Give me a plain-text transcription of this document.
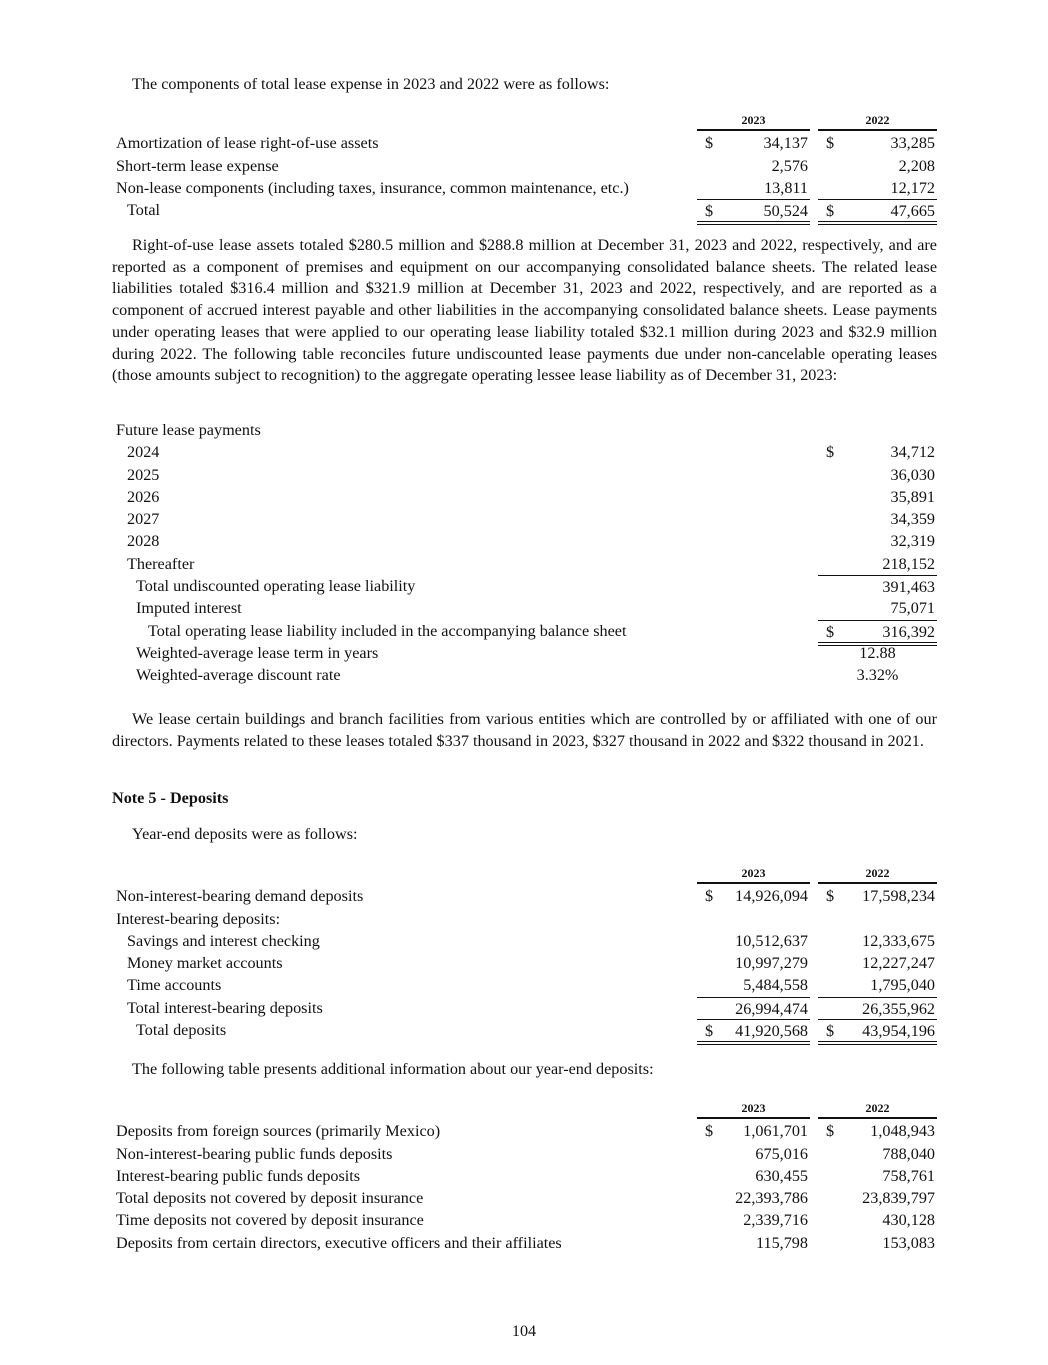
The components of total lease expense in 2023 and 2022 were as follows:
2023	2022
Amortization of lease right-of-use assets	$	34,137 $	33,285
Short-term lease expense	2,576	2,208
Non-lease components (including taxes, insurance, common maintenance, etc.)	13,811	12,172
Total	$	50,524 $	47,665
Right-of-use lease assets totaled $280.5 million and $288.8 million at December 31, 2023 and 2022, respectively, and are reported as a component of premises and equipment on our accompanying consolidated balance sheets. The related lease liabilities totaled $316.4 million and $321.9 million at December 31, 2023 and 2022, respectively, and are reported as a component of accrued interest payable and other liabilities in the accompanying consolidated balance sheets. Lease payments under operating leases that were applied to our operating lease liability totaled $32.1 million during 2023 and $32.9 million during 2022. The following table reconciles future undiscounted lease payments due under non-cancelable operating leases (those amounts subject to recognition) to the aggregate operating lessee lease liability as of December 31, 2023:
Future lease payments
2024	$	34,712
2025	36,030
2026	35,891
2027	34,359
2028	32,319
Thereafter	218,152
Total undiscounted operating lease liability	391,463
Imputed interest	75,071
Total operating lease liability included in the accompanying balance sheet	$	316,392
Weighted-average lease term in years	12.88
Weighted-average discount rate	3.32%
We lease certain buildings and branch facilities from various entities which are controlled by or affiliated with one of our directors. Payments related to these leases totaled $337 thousand in 2023, $327 thousand in 2022 and $322 thousand in 2021.
Note 5 - Deposits
Year-end deposits were as follows:
2023	2022
Non-interest-bearing demand deposits	$ 14,926,094 $ 17,598,234
Interest-bearing deposits:
Savings and interest checking	10,512,637	12,333,675
Money market accounts	10,997,279	12,227,247
Time accounts	5,484,558	1,795,040
Total interest-bearing deposits	26,994,474	26,355,962
Total deposits	$ 41,920,568 $ 43,954,196
The following table presents additional information about our year-end deposits:
2023	2022
Deposits from foreign sources (primarily Mexico)	$ 1,061,701 $ 1,048,943
Non-interest-bearing public funds deposits	675,016	788,040
Interest-bearing public funds deposits	630,455	758,761
Total deposits not covered by deposit insurance	22,393,786	23,839,797
Time deposits not covered by deposit insurance	2,339,716	430,128
Deposits from certain directors, executive officers and their affiliates	115,798	153,083
104
